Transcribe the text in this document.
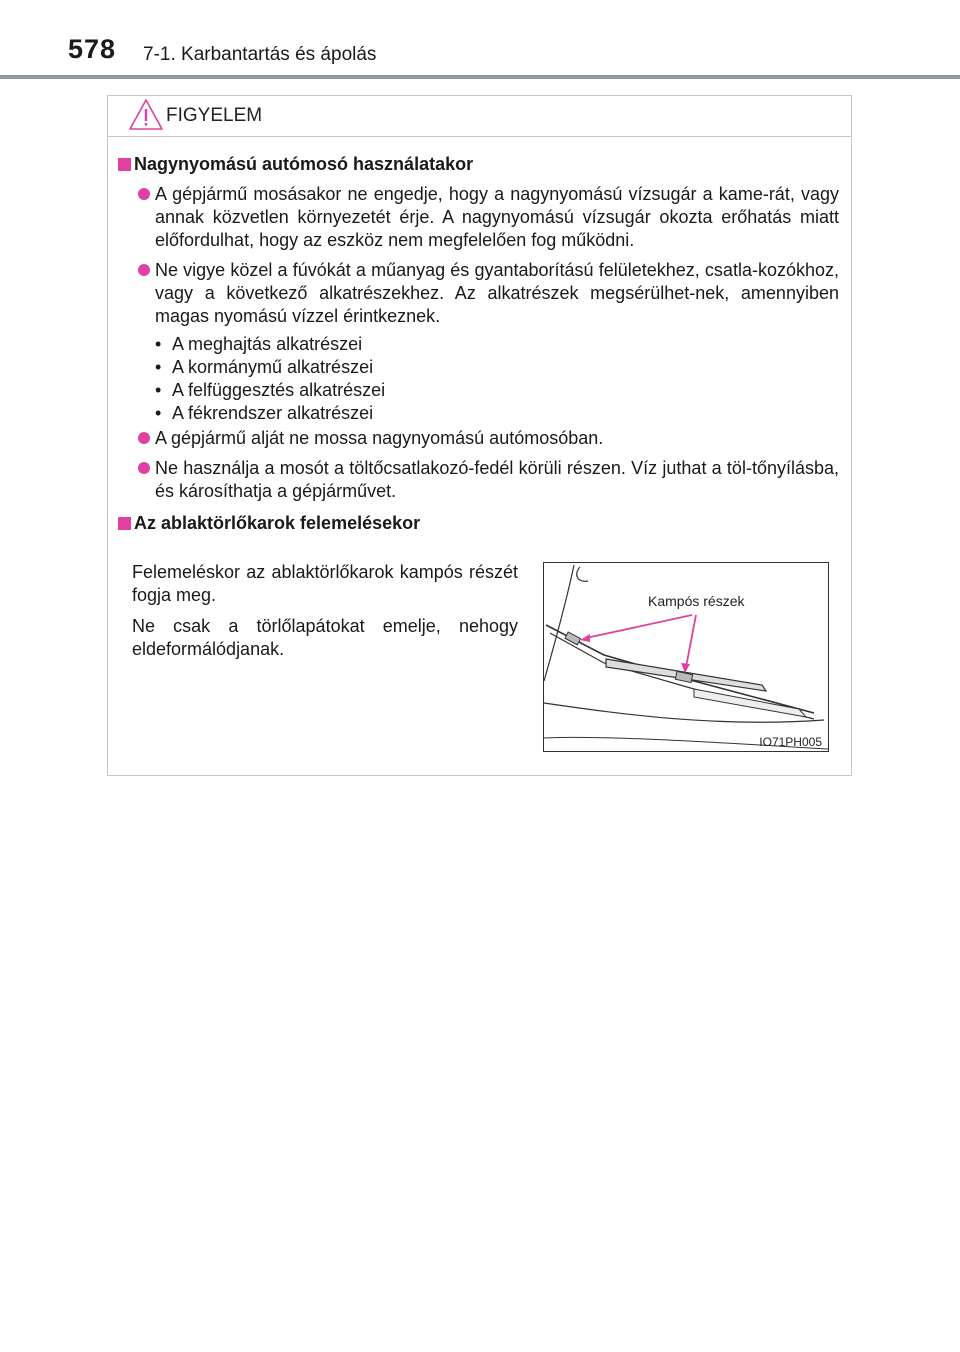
578 7-1. Karbantartás és ápolás
FIGYELEM
Nagynyomású autómosó használatakor
A gépjármű mosásakor ne engedje, hogy a nagynyomású vízsugár a kame-rát, vagy annak közvetlen környezetét érje. A nagynyomású vízsugár okozta erőhatás miatt előfordulhat, hogy az eszköz nem megfelelően fog működni.
Ne vigye közel a fúvókát a műanyag és gyantaborítású felületekhez, csatla-kozókhoz, vagy a következő alkatrészekhez. Az alkatrészek megsérülhet-nek, amennyiben magas nyomású vízzel érintkeznek.
• A meghajtás alkatrészei
• A kormánymű alkatrészei
• A felfüggesztés alkatrészei
• A fékrendszer alkatrészei
A gépjármű alját ne mossa nagynyomású autómosóban.
Ne használja a mosót a töltőcsatlakozó-fedél körüli részen. Víz juthat a töl-tőnyílásba, és károsíthatja a gépjárművet.
Az ablaktörlőkarok felemelésekor

Felemeléskor az ablaktörlőkarok kampós részét fogja meg.

Ne csak a törlőlapátokat emelje, nehogy eldeformálódjanak.

Kampós részek
IO71PH005
